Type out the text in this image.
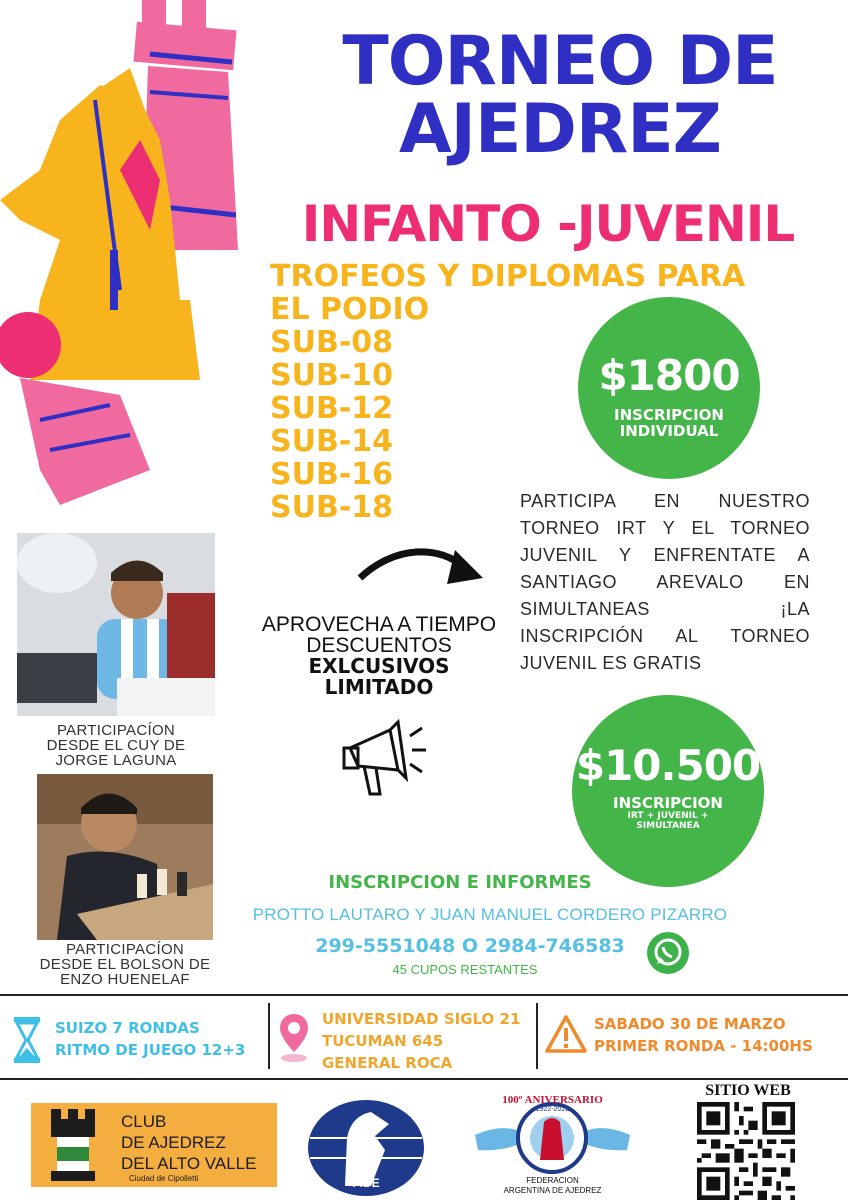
TORNEO DE
AJEDREZ
INFANTO -JUVENIL
TROFEOS Y DIPLOMAS PARA
EL PODIO
SUB-08
SUB-10
SUB-12
SUB-14
SUB-16
SUB-18
$1800
INSCRIPCION
INDIVIDUAL
PARTICIPA EN NUESTRO TORNEO IRT Y EL TORNEO JUVENIL Y ENFRENTATE A SANTIAGO AREVALO EN SIMULTANEAS ¡LA INSCRIPCIÓN AL TORNEO JUVENIL ES GRATIS
APROVECHA A TIEMPO
DESCUENTOS
EXLCUSIVOS
LIMITADO
PARTICIPACÍON
DESDE EL CUY DE
JORGE LAGUNA
PARTICIPACÍON
DESDE EL BOLSON DE
ENZO HUENELAF
$10.500
INSCRIPCION
IRT + JUVENIL +
SIMULTANEA
INSCRIPCION E INFORMES
PROTTO LAUTARO Y JUAN MANUEL CORDERO PIZARRO
299-5551048 O 2984-746583
45 CUPOS RESTANTES
SUIZO 7 RONDAS
RITMO DE JUEGO 12+3
UNIVERSIDAD SIGLO 21
TUCUMAN 645
GENERAL ROCA
SABADO 30 DE MARZO
PRIMER RONDA - 14:00HS
CLUB
DE AJEDREZ
DEL ALTO VALLE
Ciudad de Cipolletti	FIDE
100º ANIVERSARIO
1922-2022
FEDERACION
ARGENTINA DE AJEDREZ
SITIO WEB
